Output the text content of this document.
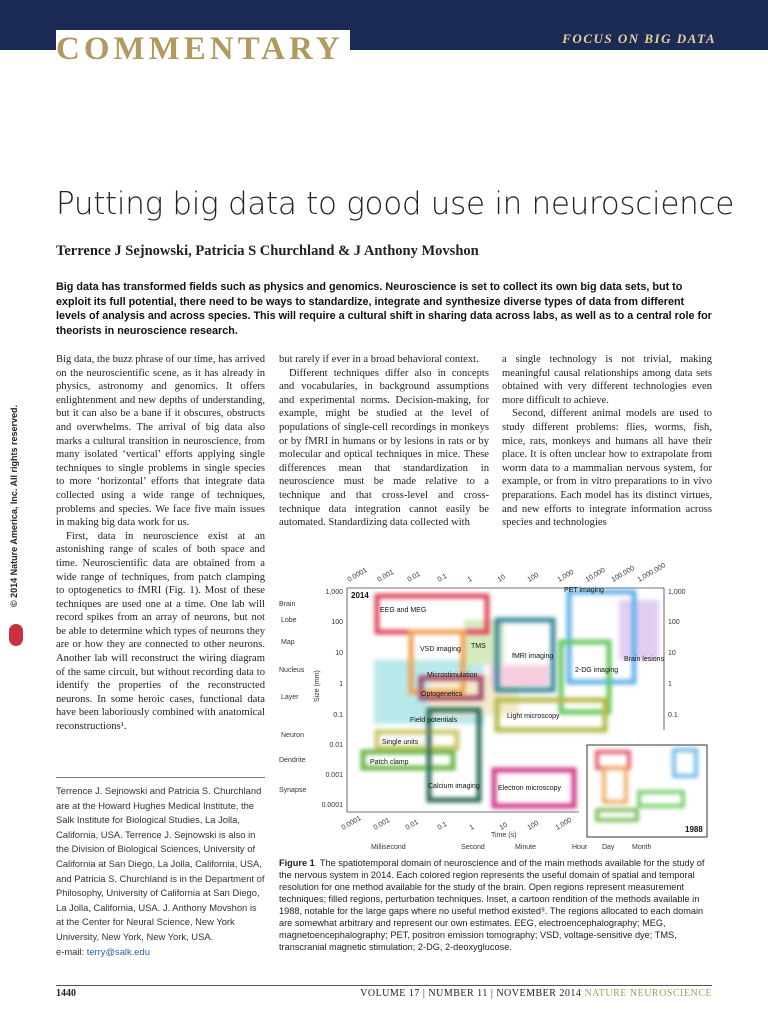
COMMENTARY	FOCUS ON BIG DATA
Putting big data to good use in neuroscience
Terrence J Sejnowski, Patricia S Churchland & J Anthony Movshon
Big data has transformed fields such as physics and genomics. Neuroscience is set to collect its own big data sets, but to exploit its full potential, there need to be ways to standardize, integrate and synthesize diverse types of data from different levels of analysis and across species. This will require a cultural shift in sharing data across labs, as well as to a central role for theorists in neuroscience research.
© 2014 Nature America, Inc. All rights reserved.

Big data, the buzz phrase of our time, has arrived on the neuroscientific scene, as it has already in physics, astronomy and genomics. It offers enlightenment and new depths of understanding, but it can also be a bane if it obscures, obstructs and overwhelms. The arrival of big data also marks a cultural transition in neuroscience, from many isolated ‘vertical’ efforts applying single techniques to single problems in single species to more ‘horizontal’ efforts that integrate data collected using a wide range of techniques, problems and species. We face five main issues in making big data work for us.

First, data in neuroscience exist at an astonishing range of scales of both space and time. Neuroscientific data are obtained from a wide range of techniques, from patch clamping to optogenetics to fMRI (Fig. 1). Most of these techniques are used one at a time. One lab will record spikes from an array of neurons, but not be able to determine which types of neurons they are or how they are connected to other neurons. Another lab will reconstruct the wiring diagram of the same circuit, but without recording data to identify the properties of the reconstructed neurons. In some heroic cases, functional data have been laboriously combined with anatomical reconstructions¹.

Terrence J. Sejnowski and Patricia S. Churchland are at the Howard Hughes Medical Institute, the Salk Institute for Biological Studies, La Jolla, California, USA. Terrence J. Sejnowski is also in the Division of Biological Sciences, University of California at San Diego, La Jolla, California, USA, and Patricia S. Churchland is in the Department of Philosophy, University of California at San Diego, La Jolla, California, USA. J. Anthony Movshon is at the Center for Neural Science, New York University, New York, New York, USA.
e-mail: terry@salk.edu

but rarely if ever in a broad behavioral context.

Different techniques differ also in concepts and vocabularies, in background assumptions and experimental norms. Decision-making, for example, might be studied at the level of populations of single-cell recordings in monkeys or by fMRI in humans or by lesions in rats or by molecular and optical techniques in mice. These differences mean that standardization in neuroscience must be made relative to a technique and that cross-level and cross-technique data integration cannot easily be automated. Standardizing data collected with

a single technology is not trivial, making meaningful causal relationships among data sets obtained with very different technologies even more difficult to achieve.

Second, different animal models are used to study different problems: flies, worms, fish, mice, rats, monkeys and humans all have their place. It is often unclear how to extrapolate from worm data to a mammalian nervous system, for example, or from in vitro preparations to in vivo preparations. Each model has its distinct virtues, and new efforts to integrate information across species and technologies

1988
2014
0.0001 0.001 0.01 0.1	1	10	100 1,000 10,000 100,000 1,000,000
1,000
100
10
1
0.1
0.01
0.001
0.0001
1,000
100
10
1
0.1
Brain
Lobe
Map
Nucleus
Layer
Neuron
Dendrite
Synapse
Size (mm)
0.0001 0.001 0.01 0.1	1	10	100 1,000
Time (s)
Millisecond	Second	Minute	Hour Day	Month
EEG and MEG
PET imaging
VSD imaging TMS
fMRI imaging	Brain lesions
Microstimulation
2-DG imaging
Optogenetics
Field potentials
Light microscopy
Single units
Patch clamp
Calcium imaging	Electron microscopy
Figure 1 The spatiotemporal domain of neuroscience and of the main methods available for the study of the nervous system in 2014. Each colored region represents the useful domain of spatial and temporal resolution for one method available for the study of the brain. Open regions represent measurement techniques; filled regions, perturbation techniques. Inset, a cartoon rendition of the methods available in 1988, notable for the large gaps where no useful method existed⁹. The regions allocated to each domain are somewhat arbitrary and represent our own estimates. EEG, electroencephalography; MEG, magnetoencephalography; PET, positron emission tomography; VSD, voltage-sensitive dye; TMS, transcranial magnetic stimulation; 2-DG, 2-deoxyglucose.
1440	VOLUME 17 | NUMBER 11 | NOVEMBER 2014 NATURE NEUROSCIENCE
